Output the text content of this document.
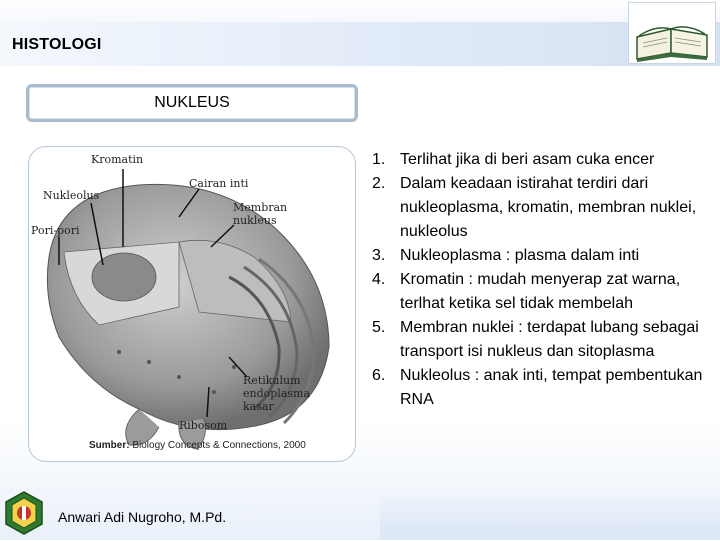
HISTOLOGI
NUKLEUS
Kromatin
Nukleolus
Pori-pori
Cairan inti
Membran
nukleus
Retikulum
endoplasma
kasar
Ribosom
Sumber: Biology Concepts & Connections, 2000
1. Terlihat jika di beri asam cuka encer
2. Dalam keadaan istirahat terdiri dari nukleoplasma, kromatin, membran nuklei, nukleolus
3. Nukleoplasma : plasma dalam inti
4. Kromatin : mudah menyerap zat warna, terlhat ketika sel tidak membelah
5. Membran nuklei : terdapat lubang sebagai transport isi nukleus dan sitoplasma
6. Nukleolus : anak inti, tempat pembentukan RNA
Anwari Adi Nugroho, M.Pd.
